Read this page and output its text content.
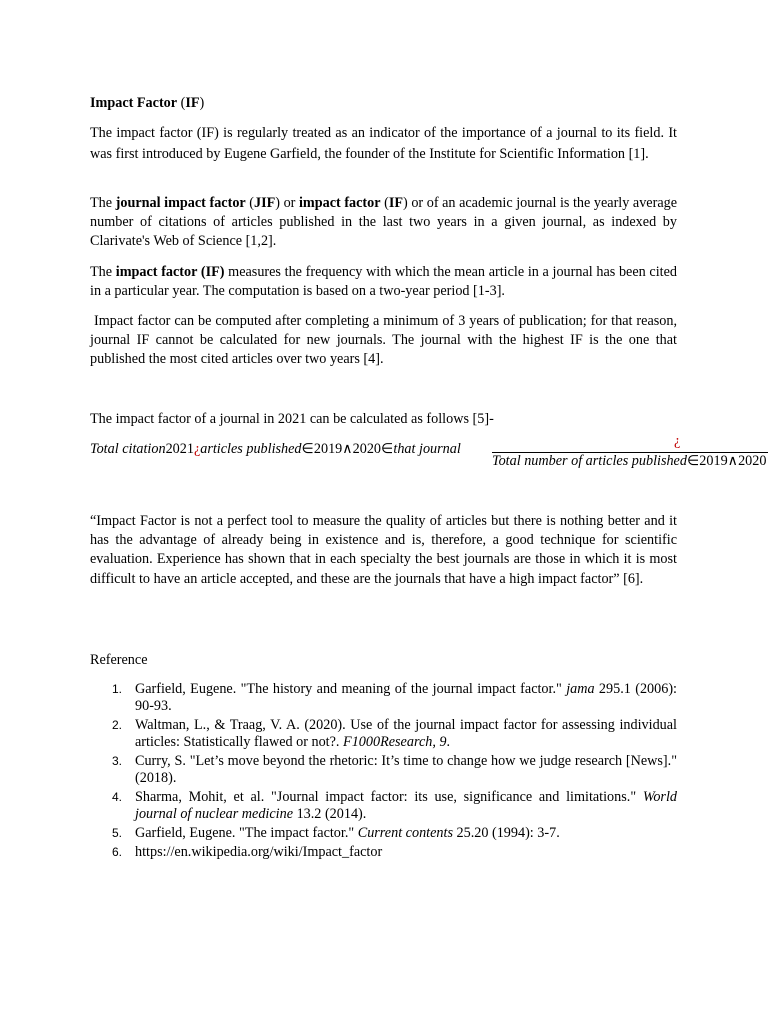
Impact Factor (IF)

The impact factor (IF) is regularly treated as an indicator of the importance of a journal to its field. It was first introduced by Eugene Garfield, the founder of the Institute for Scientific Information [1].

The journal impact factor (JIF) or impact factor (IF) or of an academic journal is the yearly average number of citations of articles published in the last two years in a given journal, as indexed by Clarivate's Web of Science [1,2].

The impact factor (IF) measures the frequency with which the mean article in a journal has been cited in a particular year. The computation is based on a two-year period [1-3].

Impact factor can be computed after completing a minimum of 3 years of publication; for that reason, journal IF cannot be calculated for new journals. The journal with the highest IF is the one that published the most cited articles over two years [4].

The impact factor of a journal in 2021 can be calculated as follows [5]-

Total citation2021¿articles published∈2019∧2020∈that journal	¿
Total number of articles published∈2019∧2020

“Impact Factor is not a perfect tool to measure the quality of articles but there is nothing better and it has the advantage of already being in existence and is, therefore, a good technique for scientific evaluation. Experience has shown that in each specialty the best journals are those in which it is most difficult to have an article accepted, and these are the journals that have a high impact factor” [6].

Reference

1. Garfield, Eugene. "The history and meaning of the journal impact factor." jama 295.1 (2006): 90-93.
2. Waltman, L., & Traag, V. A. (2020). Use of the journal impact factor for assessing individual articles: Statistically flawed or not?. F1000Research, 9.
3. Curry, S. "Let’s move beyond the rhetoric: It’s time to change how we judge research [News]." (2018).
4. Sharma, Mohit, et al. "Journal impact factor: its use, significance and limitations." World journal of nuclear medicine 13.2 (2014).
5. Garfield, Eugene. "The impact factor." Current contents 25.20 (1994): 3-7.
6. https://en.wikipedia.org/wiki/Impact_factor
